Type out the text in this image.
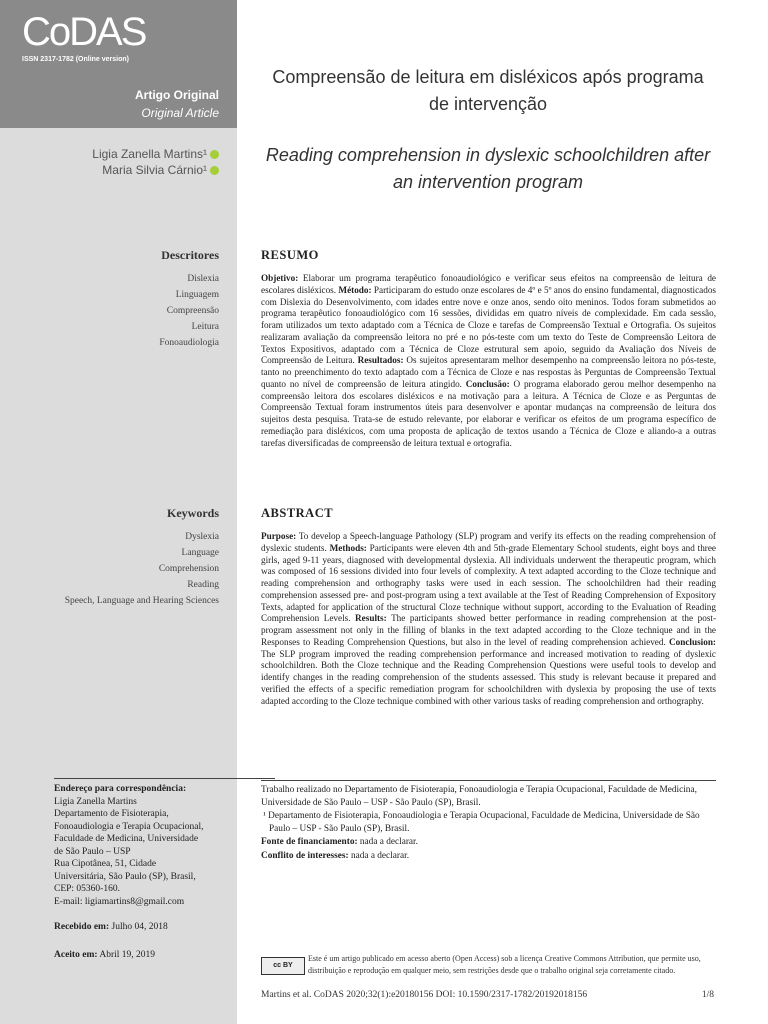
CoDAS
ISSN 2317-1782 (Online version)
Artigo Original
Original Article
Ligia Zanella Martins¹
Maria Silvia Cárnio¹
Descritores
Dislexia
Linguagem
Compreensão
Leitura
Fonoaudiologia
Keywords
Dyslexia
Language
Comprehension
Reading
Speech, Language and Hearing Sciences
Endereço para correspondência:
Ligia Zanella Martins
Departamento de Fisioterapia,
Fonoaudiologia e Terapia Ocupacional,
Faculdade de Medicina, Universidade
de São Paulo – USP
Rua Cipotânea, 51, Cidade
Universitária, São Paulo (SP), Brasil,
CEP: 05360-160.
E-mail: ligiamartins8@gmail.com
Recebido em: Julho 04, 2018
Aceito em: Abril 19, 2019
Compreensão de leitura em disléxicos após programa de intervenção
Reading comprehension in dyslexic schoolchildren after an intervention program
RESUMO

Objetivo: Elaborar um programa terapêutico fonoaudiológico e verificar seus efeitos na compreensão de leitura de escolares disléxicos. Método: Participaram do estudo onze escolares de 4º e 5º anos do ensino fundamental, diagnosticados com Dislexia do Desenvolvimento, com idades entre nove e onze anos, sendo oito meninos. Todos foram submetidos ao programa terapêutico fonoaudiológico com 16 sessões, divididas em quatro níveis de complexidade. Em cada sessão, foram utilizados um texto adaptado com a Técnica de Cloze e tarefas de Compreensão Textual e Ortografia. Os sujeitos realizaram avaliação da compreensão leitora no pré e no pós-teste com um texto do Teste de Compreensão Leitora de Textos Expositivos, adaptado com a Técnica de Cloze estrutural sem apoio, seguido da Avaliação dos Níveis de Compreensão de Leitura. Resultados: Os sujeitos apresentaram melhor desempenho na compreensão leitora no pós-teste, tanto no preenchimento do texto adaptado com a Técnica de Cloze e nas respostas às Perguntas de Compreensão Textual quanto no nível de compreensão de leitura atingido. Conclusão: O programa elaborado gerou melhor desempenho na compreensão leitora dos escolares disléxicos e na motivação para a leitura. A Técnica de Cloze e as Perguntas de Compreensão Textual foram instrumentos úteis para desenvolver e apontar mudanças na compreensão de leitura dos sujeitos desta pesquisa. Trata-se de estudo relevante, por elaborar e verificar os efeitos de um programa específico de remediação para disléxicos, com uma proposta de aplicação de textos usando a Técnica de Cloze e aliando-a a outras tarefas diversificadas de compreensão de leitura textual e ortografia.

ABSTRACT

Purpose: To develop a Speech-language Pathology (SLP) program and verify its effects on the reading comprehension of dyslexic students. Methods: Participants were eleven 4th and 5th-grade Elementary School students, eight boys and three girls, aged 9-11 years, diagnosed with developmental dyslexia. All individuals underwent the therapeutic program, which was composed of 16 sessions divided into four levels of complexity. A text adapted according to the Cloze technique and reading comprehension and orthography tasks were used in each session. The schoolchildren had their reading comprehension assessed pre- and post-program using a text available at the Test of Reading Comprehension of Expository Texts, adapted for application of the structural Cloze technique without support, according to the Evaluation of Reading Comprehension Levels. Results: The participants showed better performance in reading comprehension at the post-program assessment not only in the filling of blanks in the text adapted according to the Cloze technique and in the Responses to Reading Comprehension Questions, but also in the level of reading comprehension achieved. Conclusion: The SLP program improved the reading comprehension performance and increased motivation to reading of dyslexic schoolchildren. Both the Cloze technique and the Reading Comprehension Questions were useful tools to develop and identify changes in the reading comprehension of the students assessed. This study is relevant because it prepared and verified the effects of a specific remediation program for schoolchildren with dyslexia by proposing the use of texts adapted according to the Cloze technique combined with other various tasks of reading comprehension and orthography.

Trabalho realizado no Departamento de Fisioterapia, Fonoaudiologia e Terapia Ocupacional, Faculdade de Medicina, Universidade de São Paulo – USP - São Paulo (SP), Brasil.
¹ Departamento de Fisioterapia, Fonoaudiologia e Terapia Ocupacional, Faculdade de Medicina, Universidade de São Paulo – USP - São Paulo (SP), Brasil.
Fonte de financiamento: nada a declarar.
Conflito de interesses: nada a declarar.
cc BY
Este é um artigo publicado em acesso aberto (Open Access) sob a licença Creative Commons Attribution, que permite uso, distribuição e reprodução em qualquer meio, sem restrições desde que o trabalho original seja corretamente citado.
Martins et al. CoDAS 2020;32(1):e20180156 DOI: 10.1590/2317-1782/20192018156	1/8
